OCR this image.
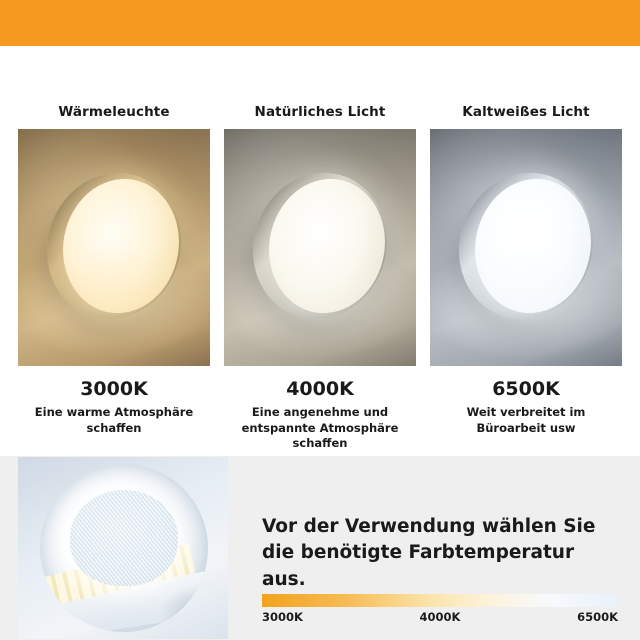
Wärmeleuchte
3000K
Eine warme Atmosphäre schaffen
Natürliches Licht
4000K
Eine angenehme und entspannte Atmosphäre schaffen
Kaltweißes Licht
6500K
Weit verbreitet im Büroarbeit usw
Vor der Verwendung wählen Sie
die benötigte Farbtemperatur aus.
3000K	4000K	6500K
